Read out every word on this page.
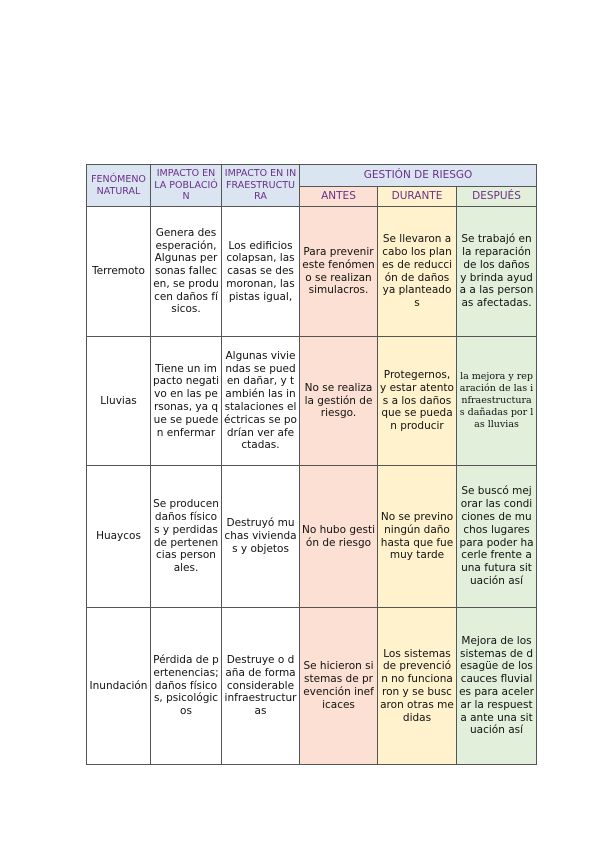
FENÓMENO NATURAL	IMPACTO EN LA POBLACIÓN	IMPACTO EN INFRAESTRUCTURA	GESTIÓN DE RIESGO		
			ANTES	DURANTE	DESPUÉS
Terremoto	Genera desesperación, Algunas personas fallecen, se producen daños físicos.	Los edificios colapsan, las casas se desmoronan, las pistas igual,	Para prevenir este fenómeno se realizan simulacros.	Se llevaron a cabo los planes de reducción de daños ya planteados	Se trabajó en la reparación de los daños y brinda ayuda a las personas afectadas.
Lluvias	Tiene un impacto negativo en las personas, ya que se pueden enfermar	Algunas viviendas se pueden dañar, y también las instalaciones eléctricas se podrían ver afectadas.	No se realiza la gestión de riesgo.	Protegernos, y estar atentos a los daños que se puedan producir	la mejora y reparación de las infraestructuras dañadas por las lluvias
Huaycos	Se producen daños físicos y perdidas de pertenencias personales.	Destruyó muchas viviendas y objetos	No hubo gestión de riesgo	No se previno ningún daño hasta que fue muy tarde	Se buscó mejorar las condiciones de muchos lugares para poder hacerle frente a una futura situación así
Inundación	Pérdida de pertenencias; daños físicos, psicológicos	Destruye o daña de forma considerable infraestructuras	Se hicieron sistemas de prevención ineficaces	Los sistemas de prevención no funcionaron y se buscaron otras medidas	Mejora de los sistemas de desagüe de los cauces fluviales para acelerar la respuesta ante una situación así
